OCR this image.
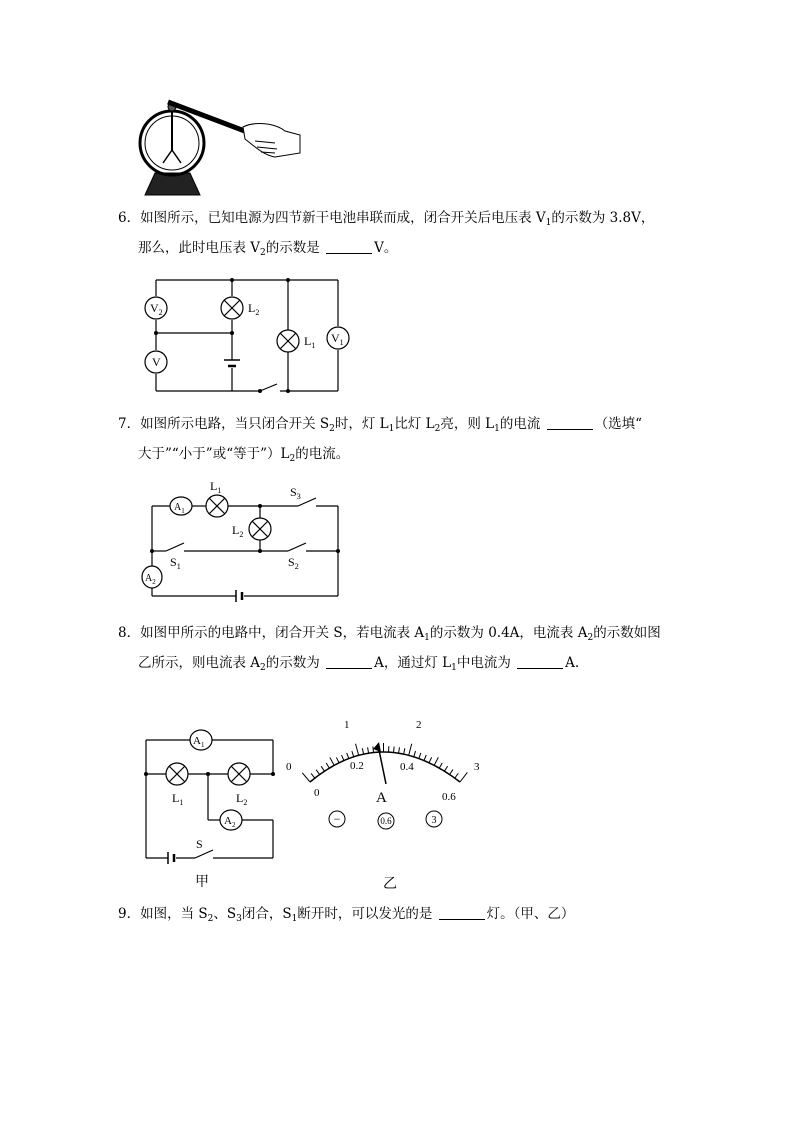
6．如图所示，已知电源为四节新干电池串联而成，闭合开关后电压表 $V_1$的示数为 3.8V，

那么，此时电压表 $V_2$的示数是	V。

$V_2$
V
$L_2$
$L_1$
$V_1$

7．如图所示电路，当只闭合开关 $S_2$时，灯 $L_1$比灯 $L_2$亮，则 $L_1$的电流	（选填“

大于”“小于”或“等于$”)L_2$的电流。

$A_1$
$L_1$	$S_3$
$L_2$
$S_1$	$S_2$
$A_2$

8．如图甲所示的电路中，闭合开关 S，若电流表 $A_1$的示数为 0.4A，电流表 $A_2$的示数如图

乙所示，则电流表 $A_2$的示数为	A，通过灯 $L_1$中电流为	A.

$A_1$
$L_1$	$L_2$
$A_2$
S
甲
0
1	2
3
0
0.2	0.4
0.6
A
−	0.6	3
乙

9．如图，当 $S_2$、$S_3$闭合，$S_1$断开时，可以发光的是	灯。（甲、乙）
